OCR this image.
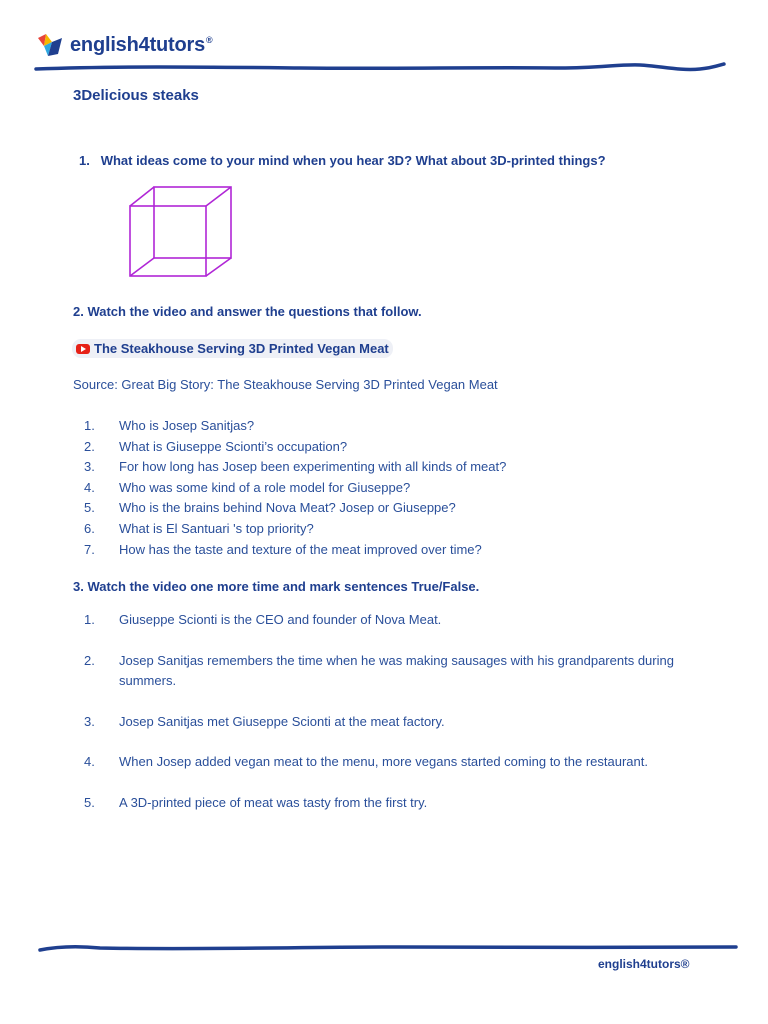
english4tutors®
3Delicious steaks
1. What ideas come to your mind when you hear 3D? What about 3D-printed things?
2. Watch the video and answer the questions that follow.
The Steakhouse Serving 3D Printed Vegan Meat
Source: Great Big Story: The Steakhouse Serving 3D Printed Vegan Meat
1. Who is Josep Sanitjas?
2. What is Giuseppe Scionti’s occupation?
3. For how long has Josep been experimenting with all kinds of meat?
4. Who was some kind of a role model for Giuseppe?
5. Who is the brains behind Nova Meat? Josep or Giuseppe?
6. What is El Santuari 's top priority?
7. How has the taste and texture of the meat improved over time?
3. Watch the video one more time and mark sentences True/False.
1. Giuseppe Scionti is the CEO and founder of Nova Meat.
2. Josep Sanitjas remembers the time when he was making sausages with his grandparents during summers.
3. Josep Sanitjas met Giuseppe Scionti at the meat factory.
4. When Josep added vegan meat to the menu, more vegans started coming to the restaurant.
5. A 3D-printed piece of meat was tasty from the first try.
english4tutors®
